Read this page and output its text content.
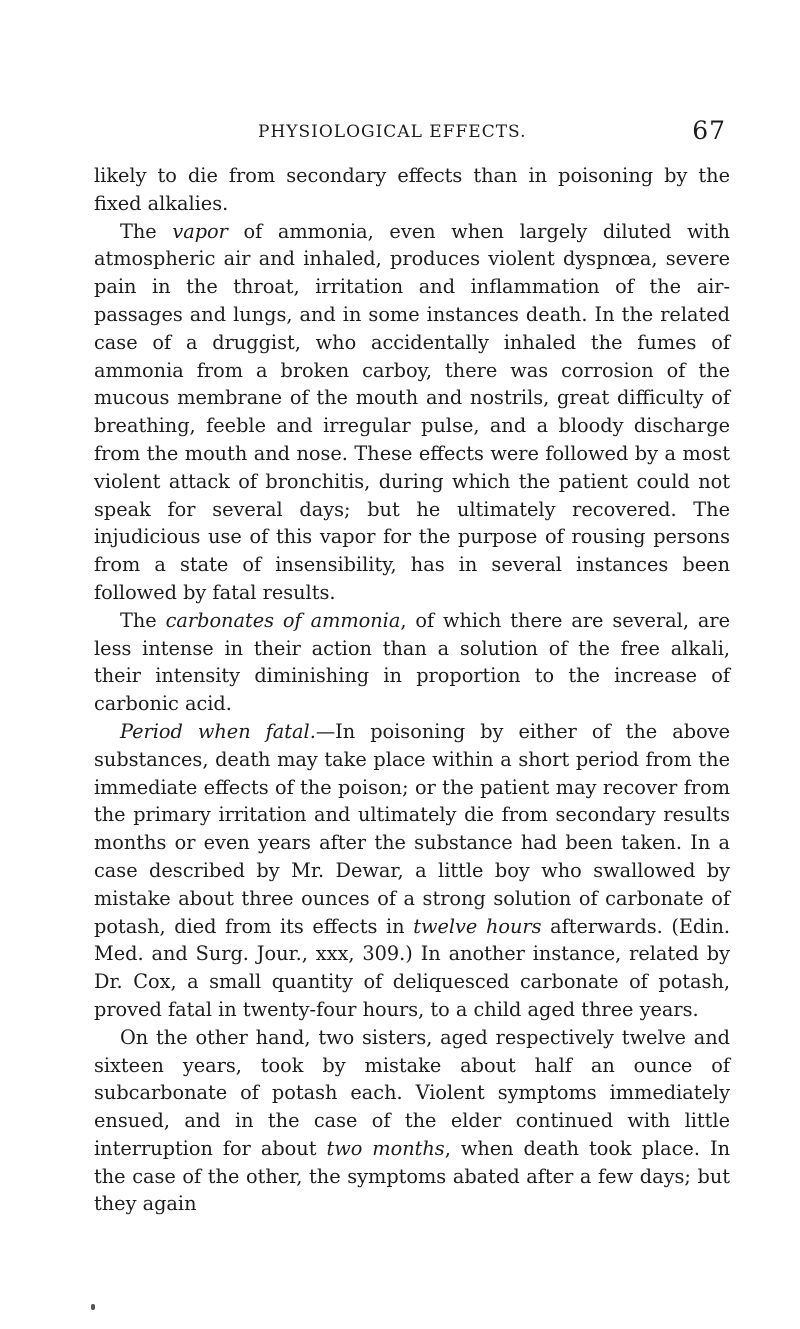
PHYSIOLOGICAL EFFECTS.	67

likely to die from secondary effects than in poisoning by the fixed alkalies.

The vapor of ammonia, even when largely diluted with atmospheric air and inhaled, produces violent dyspnœa, severe pain in the throat, irritation and inflammation of the air-passages and lungs, and in some instances death. In the related case of a druggist, who accidentally inhaled the fumes of ammonia from a broken carboy, there was corrosion of the mucous membrane of the mouth and nostrils, great difficulty of breathing, feeble and irregular pulse, and a bloody discharge from the mouth and nose. These effects were followed by a most violent attack of bronchitis, during which the patient could not speak for several days; but he ultimately recovered. The injudicious use of this vapor for the purpose of rousing persons from a state of insensibility, has in several instances been followed by fatal results.

The carbonates of ammonia, of which there are several, are less intense in their action than a solution of the free alkali, their intensity diminishing in proportion to the increase of carbonic acid.

Period when fatal.—In poisoning by either of the above substances, death may take place within a short period from the immediate effects of the poison; or the patient may recover from the primary irritation and ultimately die from secondary results months or even years after the substance had been taken. In a case described by Mr. Dewar, a little boy who swallowed by mistake about three ounces of a strong solution of carbonate of potash, died from its effects in twelve hours afterwards. (Edin. Med. and Surg. Jour., xxx, 309.) In another instance, related by Dr. Cox, a small quantity of deliquesced carbonate of potash, proved fatal in twenty-four hours, to a child aged three years.

On the other hand, two sisters, aged respectively twelve and sixteen years, took by mistake about half an ounce of subcarbonate of potash each. Violent symptoms immediately ensued, and in the case of the elder continued with little interruption for about two months, when death took place. In the case of the other, the symptoms abated after a few days; but they again
